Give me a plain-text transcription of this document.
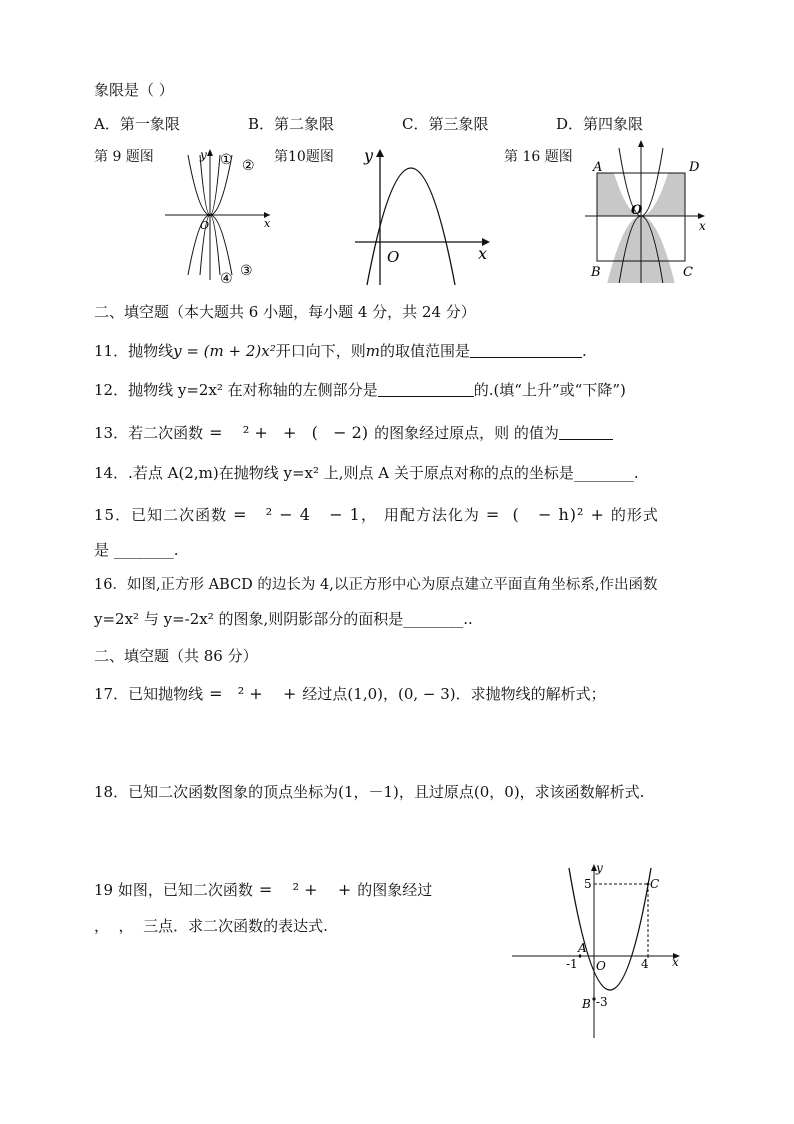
象限是（ ）
A．第一象限	B．第二象限	C．第三象限	D．第四象限
第 9 题图	第10题图	第 16 题图
y
x
O
① ②
③
④
y
x
O
A	D
B	C
O
x
二、填空题（本大题共 6 小题，每小题 4 分，共 24 分）
11．抛物线y = (m + 2)x²开口向下，则m的取值范围是	.
12．抛物线 y=2x² 在对称轴的左侧部分是	的.(填“上升”或“下降”)
13．若二次函数 =    ² +   +   (   − 2) 的图象经过原点，则 的值为
14．.若点 A(2,m)在抛物线 y=x² 上,则点 A 关于原点对称的点的坐标是________.
15．已知二次函数 =   ² − 4   − 1， 用配方法化为 =  (   − h)² + 的形式
是 ________.
16．如图,正方形 ABCD 的边长为 4,以正方形中心为原点建立平面直角坐标系,作出函数
y=2x² 与 y=-2x² 的图象,则阴影部分的面积是________..
二、填空题（共 86 分）
17．已知抛物线 =   ² +    + 经过点(1,0)，(0, − 3)．求抛物线的解析式；
18．已知二次函数图象的顶点坐标为(1，－1)，且过原点(0，0)，求该函数解析式.
19 如图，已知二次函数 =    ² +    + 的图象经过
，  ，  三点．求二次函数的表达式.
y
x
O
5	C
-1
A
4
B -3
